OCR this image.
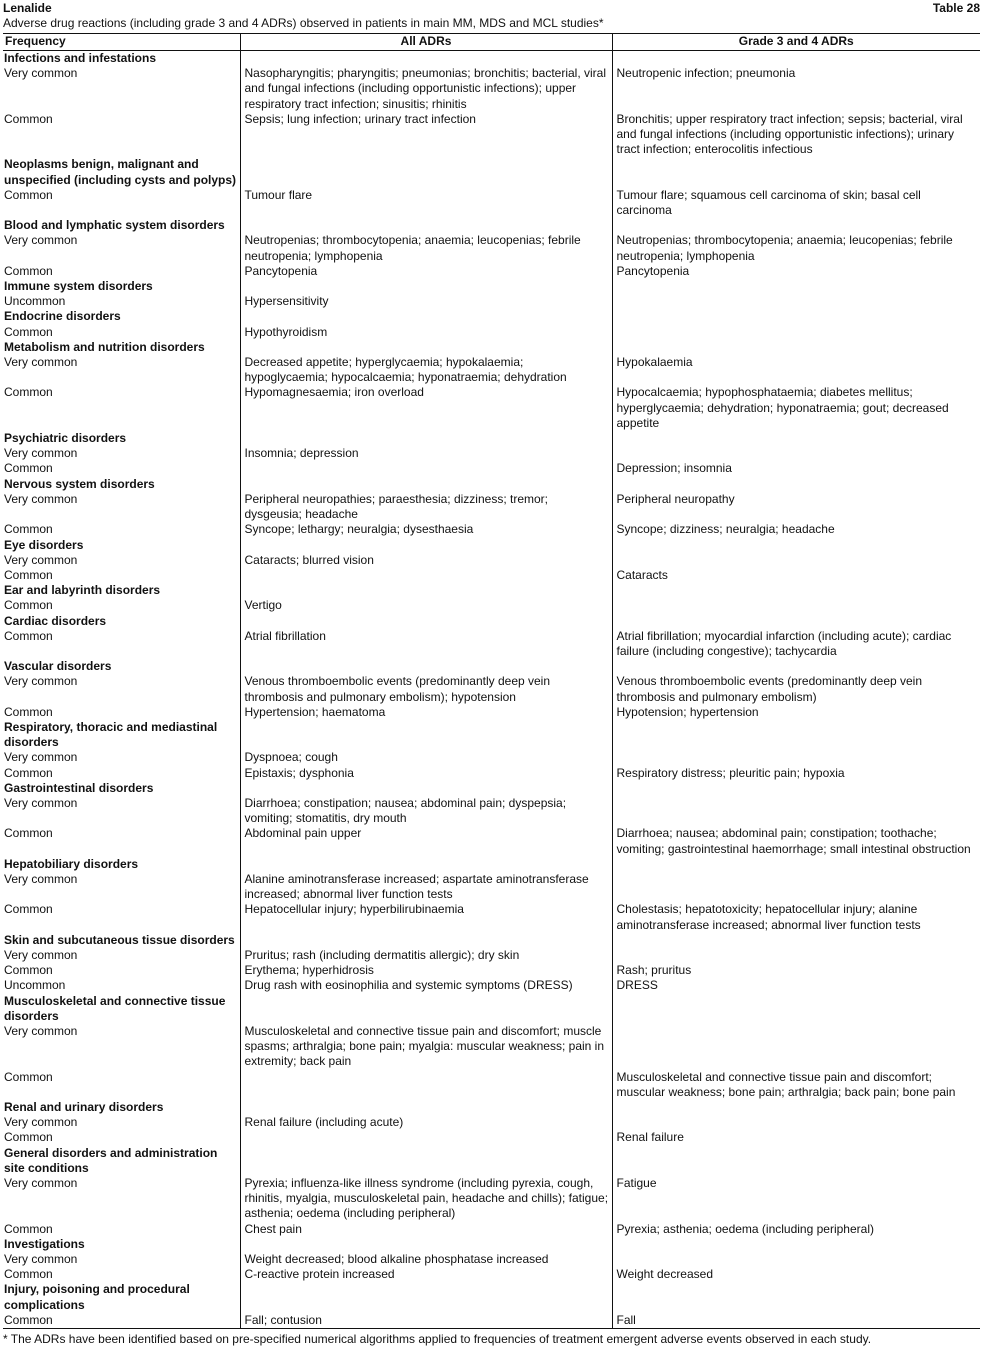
Lenalide	Table 28
Adverse drug reactions (including grade 3 and 4 ADRs) observed in patients in main MM, MDS and MCL studies*
Frequency	All ADRs	Grade 3 and 4 ADRs
Infections and infestations		
Very common	Nasopharyngitis; pharyngitis; pneumonias; bronchitis; bacterial, viral and fungal infections (including opportunistic infections); upper respiratory tract infection; sinusitis; rhinitis	Neutropenic infection; pneumonia
Common	Sepsis; lung infection; urinary tract infection	Bronchitis; upper respiratory tract infection; sepsis; bacterial, viral and fungal infections (including opportunistic infections); urinary tract infection; enterocolitis infectious
Neoplasms benign, malignant and unspecified (including cysts and polyps)		
Common	Tumour flare	Tumour flare; squamous cell carcinoma of skin; basal cell carcinoma
Blood and lymphatic system disorders		
Very common	Neutropenias; thrombocytopenia; anaemia; leucopenias; febrile neutropenia; lymphopenia	Neutropenias; thrombocytopenia; anaemia; leucopenias; febrile neutropenia; lymphopenia
Common	Pancytopenia	Pancytopenia
Immune system disorders		
Uncommon	Hypersensitivity	
Endocrine disorders		
Common	Hypothyroidism	
Metabolism and nutrition disorders		
Very common	Decreased appetite; hyperglycaemia; hypokalaemia; hypoglycaemia; hypocalcaemia; hyponatraemia; dehydration	Hypokalaemia
Common	Hypomagnesaemia; iron overload	Hypocalcaemia; hypophosphataemia; diabetes mellitus; hyperglycaemia; dehydration; hyponatraemia; gout; decreased appetite
Psychiatric disorders		
Very common	Insomnia; depression	
Common		Depression; insomnia
Nervous system disorders		
Very common	Peripheral neuropathies; paraesthesia; dizziness; tremor; dysgeusia; headache	Peripheral neuropathy
Common	Syncope; lethargy; neuralgia; dysesthaesia	Syncope; dizziness; neuralgia; headache
Eye disorders		
Very common	Cataracts; blurred vision	
Common		Cataracts
Ear and labyrinth disorders		
Common	Vertigo	
Cardiac disorders		
Common	Atrial fibrillation	Atrial fibrillation; myocardial infarction (including acute); cardiac failure (including congestive); tachycardia
Vascular disorders		
Very common	Venous thromboembolic events (predominantly deep vein thrombosis and pulmonary embolism); hypotension	Venous thromboembolic events (predominantly deep vein thrombosis and pulmonary embolism)
Common	Hypertension; haematoma	Hypotension; hypertension
Respiratory, thoracic and mediastinal disorders		
Very common	Dyspnoea; cough	
Common	Epistaxis; dysphonia	Respiratory distress; pleuritic pain; hypoxia
Gastrointestinal disorders		
Very common	Diarrhoea; constipation; nausea; abdominal pain; dyspepsia; vomiting; stomatitis, dry mouth	
Common	Abdominal pain upper	Diarrhoea; nausea; abdominal pain; constipation; toothache; vomiting; gastrointestinal haemorrhage; small intestinal obstruction
Hepatobiliary disorders		
Very common	Alanine aminotransferase increased; aspartate aminotransferase increased; abnormal liver function tests	
Common	Hepatocellular injury; hyperbilirubinaemia	Cholestasis; hepatotoxicity; hepatocellular injury; alanine aminotransferase increased; abnormal liver function tests
Skin and subcutaneous tissue disorders		
Very common	Pruritus; rash (including dermatitis allergic); dry skin	
Common	Erythema; hyperhidrosis	Rash; pruritus
Uncommon	Drug rash with eosinophilia and systemic symptoms (DRESS)	DRESS
Musculoskeletal and connective tissue disorders		
Very common	Musculoskeletal and connective tissue pain and discomfort; muscle spasms; arthralgia; bone pain; myalgia: muscular weakness; pain in extremity; back pain	
Common		Musculoskeletal and connective tissue pain and discomfort; muscular weakness; bone pain; arthralgia; back pain; bone pain
Renal and urinary disorders		
Very common	Renal failure (including acute)	
Common		Renal failure
General disorders and administration site conditions		
Very common	Pyrexia; influenza-like illness syndrome (including pyrexia, cough, rhinitis, myalgia, musculoskeletal pain, headache and chills); fatigue; asthenia; oedema (including peripheral)	Fatigue
Common	Chest pain	Pyrexia; asthenia; oedema (including peripheral)
Investigations		
Very common	Weight decreased; blood alkaline phosphatase increased	
Common	C-reactive protein increased	Weight decreased
Injury, poisoning and procedural complications		
Common	Fall; contusion	Fall
* The ADRs have been identified based on pre-specified numerical algorithms applied to frequencies of treatment emergent adverse events observed in each study.
